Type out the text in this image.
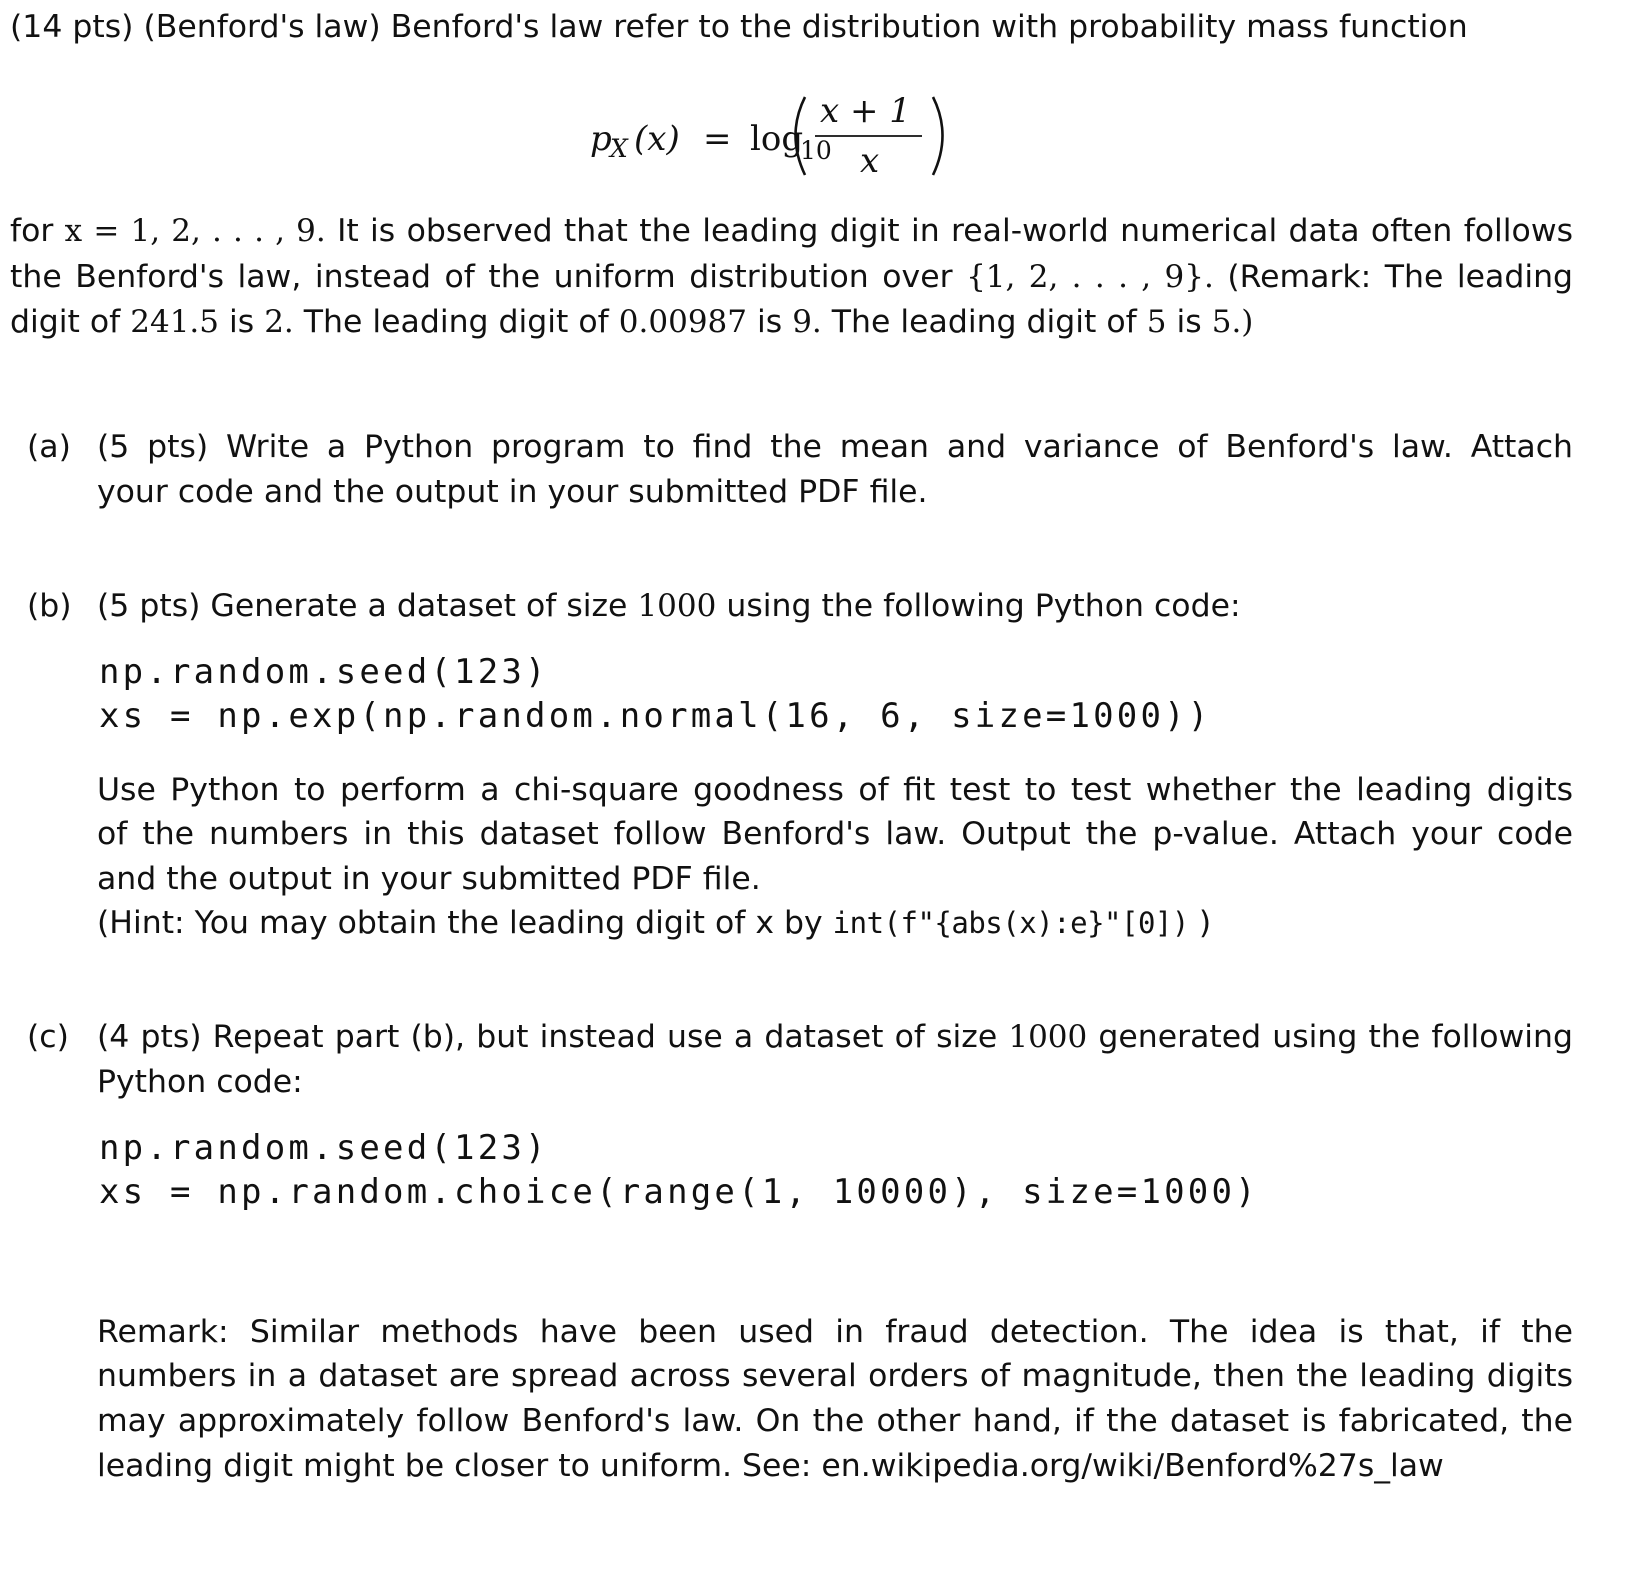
(14 pts) (Benford's law) Benford's law refer to the distribution with probability mass function
p
X (x) = log
10
x + 1
x
for x = 1, 2, . . . , 9. It is observed that the leading digit in real-world numerical data often follows
the Benford's law, instead of the uniform distribution over {1, 2, . . . , 9}. (Remark: The leading
digit of 241.5 is 2. The leading digit of 0.00987 is 9. The leading digit of 5 is 5.)
(a) (5 pts) Write a Python program to find the mean and variance of Benford's law. Attach
your code and the output in your submitted PDF file.
(b) (5 pts) Generate a dataset of size 1000 using the following Python code:
np.random.seed(123)
xs = np.exp(np.random.normal(16, 6, size=1000))
Use Python to perform a chi-square goodness of fit test to test whether the leading digits
of the numbers in this dataset follow Benford's law. Output the p-value. Attach your code
and the output in your submitted PDF file.
(Hint: You may obtain the leading digit of x by int(f"{abs(x):e}"[0]) )
(c) (4 pts) Repeat part (b), but instead use a dataset of size 1000 generated using the following
Python code:
np.random.seed(123)
xs = np.random.choice(range(1, 10000), size=1000)
Remark: Similar methods have been used in fraud detection. The idea is that, if the
numbers in a dataset are spread across several orders of magnitude, then the leading digits
may approximately follow Benford's law. On the other hand, if the dataset is fabricated, the
leading digit might be closer to uniform. See: en.wikipedia.org/wiki/Benford%27s_law
